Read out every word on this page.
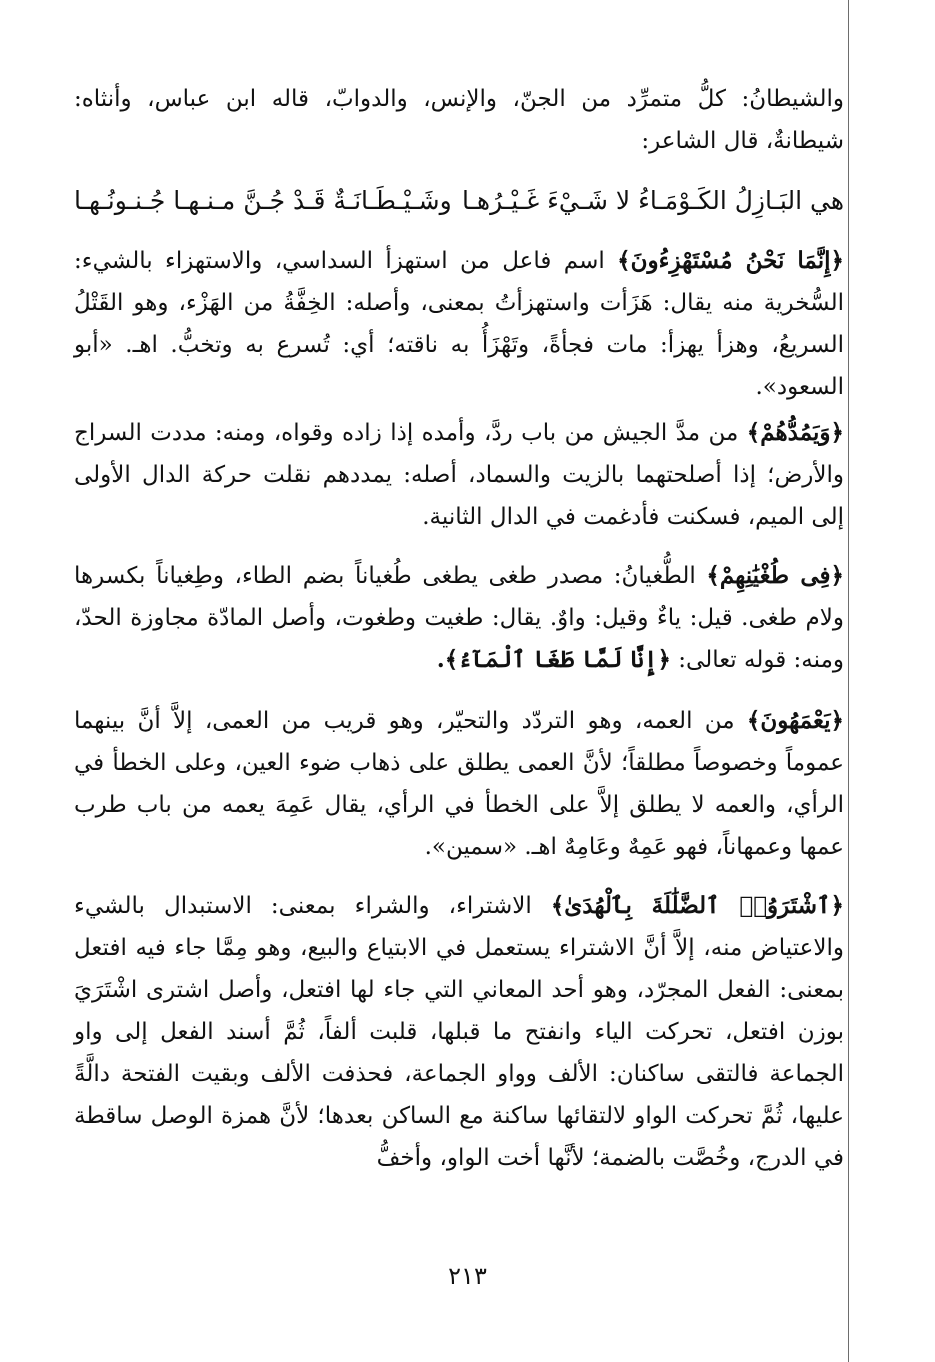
والشيطانُ: كلُّ متمرِّد من الجنّ، والإنس، والدوابّ، قاله ابن عباس، وأنثاه: شيطانةٌ، قال الشاعر:

هي البَـازِلُ الكَـوْمَـاءُ لا شَـيْءَ غَـيْـرُهـا
وشَـيْـطَـانَـةٌ قَـدْ جُـنَّ مـنـهـا جُـنـونُـهـا

﴿إِنَّمَا نَحْنُ مُسْتَهْزِءُونَ﴾ اسم فاعل من استهزأ السداسي، والاستهزاء بالشيء: السُّخرية منه يقال: هَزَأت واستهزأتُ بمعنى، وأصله: الخِفَّةُ من الهَزْء، وهو القَتْلُ السريعُ، وهزأ يهزأ: مات فجأةً، وتَهْزَأُ به ناقته؛ أي: تُسرع به وتخبُّ. اهـ. «أبو السعود».

﴿وَيَمُدُّهُمْ﴾ من مدَّ الجيش من باب ردَّ، وأمده إذا زاده وقواه، ومنه: مددت السراج والأرض؛ إذا أصلحتهما بالزيت والسماد، أصله: يمددهم نقلت حركة الدال الأولى إلى الميم، فسكنت فأدغمت في الدال الثانية.

﴿فِى طُغْيَٰنِهِمْ﴾ الطُّغيانُ: مصدر طغى يطغى طُغياناً بضم الطاء، وطِغياناً بكسرها ولام طغى. قيل: ياءٌ وقيل: واوٌ. يقال: طغيت وطغوت، وأصل المادّة مجاوزة الحدّ، ومنه: قوله تعالى: ﴿إِنَّا لَمَّا طَغَا ٱلْمَآءُ﴾.

﴿يَعْمَهُونَ﴾ من العمه، وهو التردّد والتحيّر، وهو قريب من العمى، إلاَّ أنَّ بينهما عموماً وخصوصاً مطلقاً؛ لأنَّ العمى يطلق على ذهاب ضوء العين، وعلى الخطأ في الرأي، والعمه لا يطلق إلاَّ على الخطأ في الرأي، يقال عَمِهَ يعمه من باب طرب عمها وعمهاناً، فهو عَمِهٌ وعَامِهٌ اهـ. «سمين».

﴿ٱشْتَرَوُا۟ ٱلضَّلَٰلَةَ بِٱلْهُدَىٰ﴾ الاشتراء، والشراء بمعنى: الاستبدال بالشيء والاعتياض منه، إلاَّ أنَّ الاشتراء يستعمل في الابتياع والبيع، وهو مِمَّا جاء فيه افتعل بمعنى: الفعل المجرّد، وهو أحد المعاني التي جاء لها افتعل، وأصل اشترى اشْتَرَيَ بوزن افتعل، تحركت الياء وانفتح ما قبلها، قلبت ألفاً، ثُمَّ أسند الفعل إلى واو الجماعة فالتقى ساكنان: الألف وواو الجماعة، فحذفت الألف وبقيت الفتحة دالَّةً عليها، ثُمَّ تحركت الواو لالتقائها ساكنة مع الساكن بعدها؛ لأنَّ همزة الوصل ساقطة في الدرج، وخُصَّت بالضمة؛ لأنَّها أخت الواو، وأخفُّ

٢١٣
